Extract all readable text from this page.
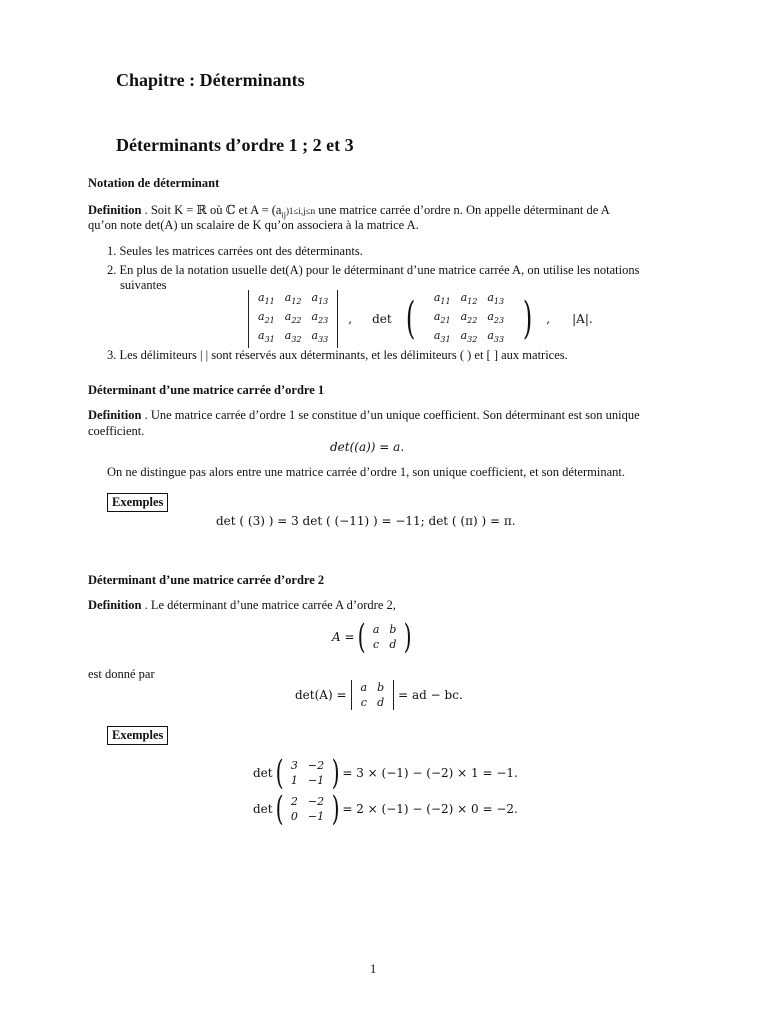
Chapitre : Déterminants
Déterminants d’ordre 1 ; 2 et 3
Notation de déterminant
Definition . Soit K = ℝ où ℂ et $A = (a_{ij})1\le i,j\le n$ une matrice carrée d’ordre n. On appelle déterminant de A
qu’on note det(A) un scalaire de K qu’on associera à la matrice A.
1. Seules les matrices carrées ont des déterminants.
2. En plus de la notation usuelle det(A) pour le déterminant d’une matrice carrée A, on utilise les notations
suivantes
$a_{11}$	$a_{12}$	$a_{13}$
$a_{21}$	$a_{22}$	$a_{23}$
$a_{31}$	$a_{32}$	$a_{33}$
, det ( $a_{11}$	$a_{12}$	$a_{13}$
$a_{21}$	$a_{22}$	$a_{23}$
$a_{31}$	$a_{32}$	$a_{33}$ ) , |A|.
3. Les délimiteurs | | sont réservés aux déterminants, et les délimiteurs ( ) et [ ] aux matrices.
Déterminant d’une matrice carrée d’ordre 1
Definition . Une matrice carrée d’ordre 1 se constitue d’un unique coefficient. Son déterminant est son unique
coefficient.
det((a)) = a.
On ne distingue pas alors entre une matrice carrée d’ordre 1, son unique coefficient, et son déterminant.
Exemples
det ( (3) ) = 3 det ( (−11) ) = −11; det ( (π) ) = π.
Déterminant d’une matrice carrée d’ordre 2
Definition . Le déterminant d’une matrice carrée A d’ordre 2,
A = ( a	b
c	d )
est donné par
det(A) =
a	b
c	d
= ad − bc.
Exemples
det ( 3	−2
1	−1 ) = 3 × (−1) − (−2) × 1 = −1.
det ( 2	−2
0	−1 ) = 2 × (−1) − (−2) × 0 = −2.
1
